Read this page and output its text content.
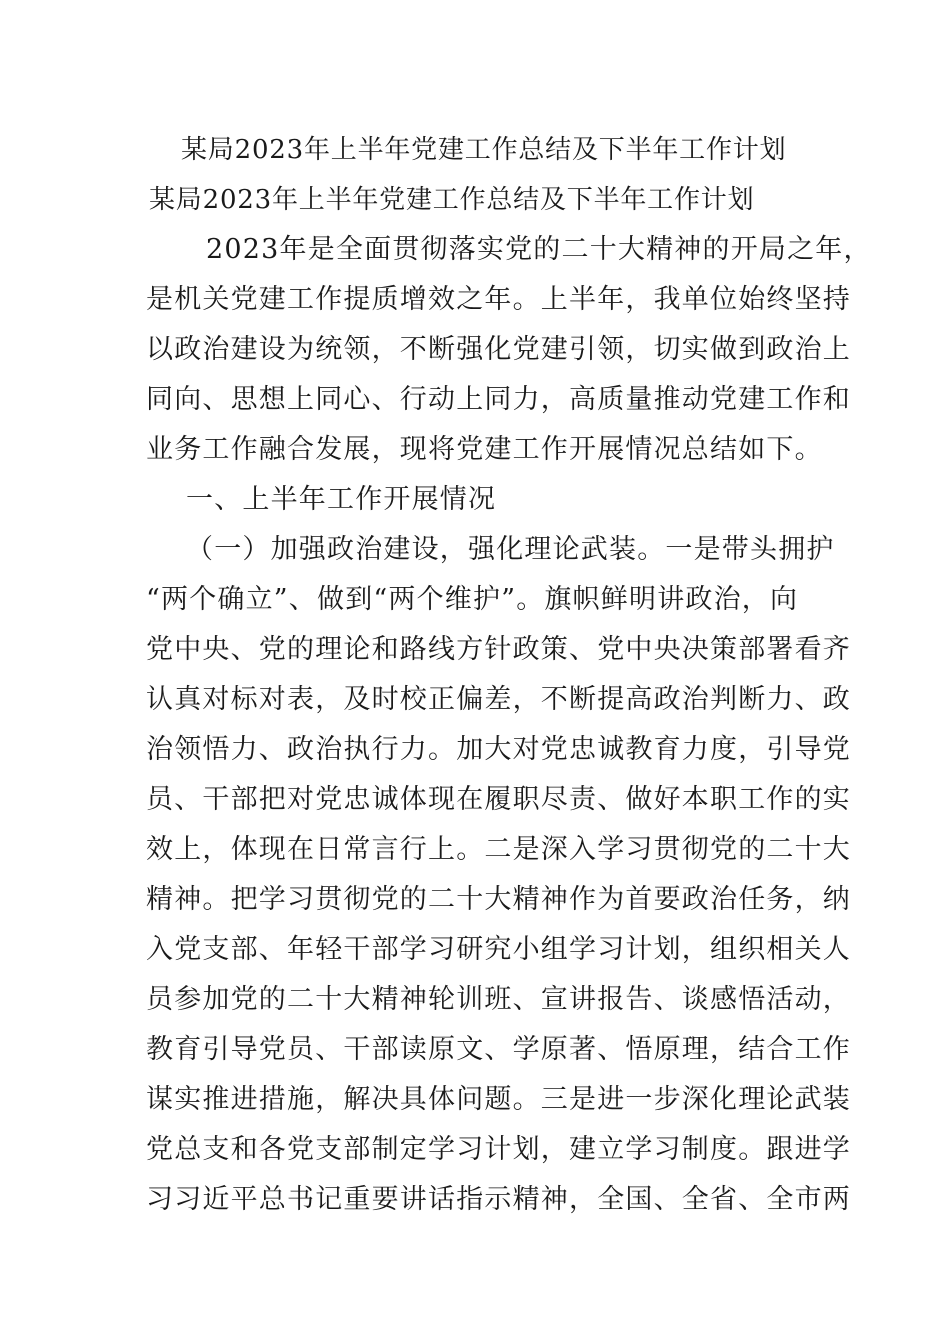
某局2023年上半年党建工作总结及下半年工作计划
某局2023年上半年党建工作总结及下半年工作计划
2023年是全面贯彻落实党的二十大精神的开局之年，
是机关党建工作提质增效之年。上半年，我单位始终坚持
以政治建设为统领，不断强化党建引领，切实做到政治上
同向、思想上同心、行动上同力，高质量推动党建工作和
业务工作融合发展，现将党建工作开展情况总结如下。
一、上半年工作开展情况
（一）加强政治建设，强化理论武装。一是带头拥护
“两个确立”、做到“两个维护”。旗帜鲜明讲政治，向
党中央、党的理论和路线方针政策、党中央决策部署看齐
认真对标对表，及时校正偏差，不断提高政治判断力、政
治领悟力、政治执行力。加大对党忠诚教育力度，引导党
员、干部把对党忠诚体现在履职尽责、做好本职工作的实
效上，体现在日常言行上。二是深入学习贯彻党的二十大
精神。把学习贯彻党的二十大精神作为首要政治任务，纳
入党支部、年轻干部学习研究小组学习计划，组织相关人
员参加党的二十大精神轮训班、宣讲报告、谈感悟活动，
教育引导党员、干部读原文、学原著、悟原理，结合工作
谋实推进措施，解决具体问题。三是进一步深化理论武装
党总支和各党支部制定学习计划，建立学习制度。跟进学
习习近平总书记重要讲话指示精神，全国、全省、全市两
